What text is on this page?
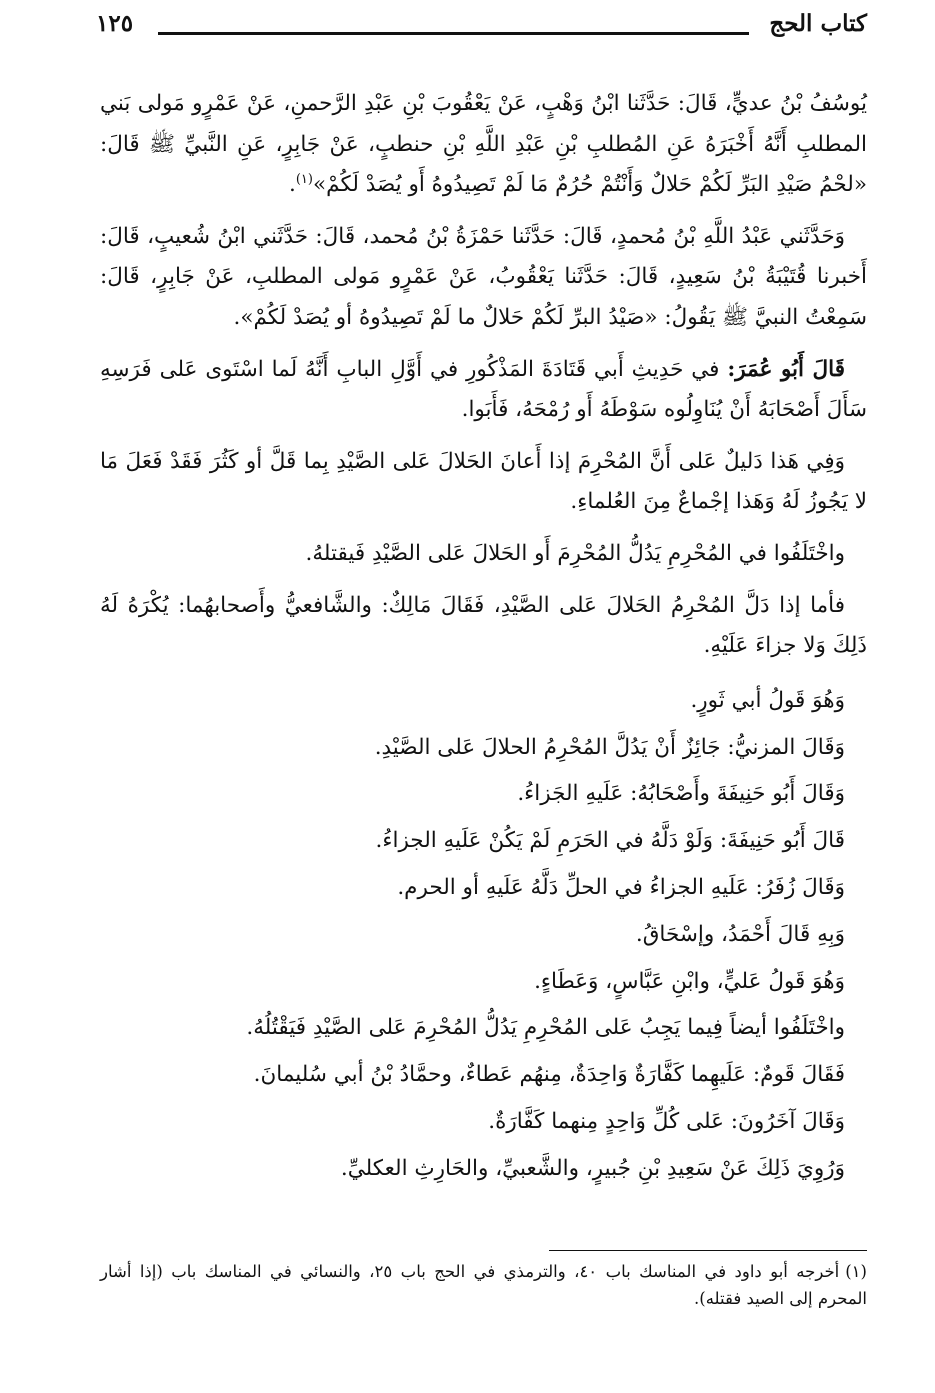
كتاب الحج
١٢٥

يُوسُفُ بْنُ عديٍّ، قَالَ: حَدَّثَنا ابْنُ وَهْبٍ، عَنْ يَعْقُوبَ بْنِ عَبْدِ الرَّحمنِ، عَنْ عَمْرٍو مَولى بَني المطلبِ أَنَّهُ أَخْبَرَهُ عَنِ المُطلبِ بْنِ عَبْدِ اللَّهِ بْنِ حنطبٍ، عَنْ جَابِرٍ، عَنِ النَّبيِّ ﷺ قَالَ: «لحْمُ صَيْدِ البَرِّ لَكُمْ حَلالٌ وَأَنْتُمْ حُرُمٌ مَا لَمْ تَصِيدُوهُ أَو يُصَدْ لَكُمْ»$^{(١)}$.

وَحَدَّثَني عَبْدُ اللَّهِ بْنُ مُحمدٍ، قَالَ: حَدَّثَنا حَمْزَةُ بْنُ مُحمد، قَالَ: حَدَّثَني ابْنُ شُعيبٍ، قَالَ: أَخبرنا قُتَيْبَةُ بْنُ سَعِيدٍ، قَالَ: حَدَّثَنا يَعْقُوبُ، عَنْ عَمْرٍو مَولى المطلبِ، عَنْ جَابِرٍ، قَالَ: سَمِعْتُ النبيَّ ﷺ يَقُولُ: «صَيْدُ البرِّ لَكُمْ حَلالٌ ما لَمْ تَصِيدُوهُ أو يُصَدْ لَكُمْ».

قَالَ أَبُو عُمَرَ: في حَدِيثِ أَبي قَتَادَةَ المَذْكُورِ في أَوَّلِ البابِ أَنَّهُ لَما اسْتَوى عَلى فَرَسِهِ سَأَلَ أَصْحَابَهُ أَنْ يُنَاوِلُوه سَوْطَهُ أَو رُمْحَهُ، فَأَبَوا.

وَفِي هَذا دَليلٌ عَلى أَنَّ المُحْرِمَ إذا أَعانَ الحَلالَ عَلى الصَّيْدِ بِما قَلَّ أو كَثُرَ فَقَدْ فَعَلَ مَا لا يَجُوزُ لَهُ وَهَذا إجْماعٌ مِنَ العُلماءِ.

واخْتَلَفُوا في المُحْرِمِ يَدُلُّ المُحْرِمَ أَو الحَلالَ عَلى الصَّيْدِ فَيقتلهُ.

فأما إذا دَلَّ المُحْرِمُ الحَلالَ عَلى الصَّيْدِ، فَقَالَ مَالِكٌ: والشَّافعيُّ وأَصحابهُما: يُكْرَهُ لَهُ ذَلِكَ وَلا جزاءَ عَلَيْهِ.

وَهُوَ قَولُ أبي ثَورٍ.

وَقَالَ المزنيُّ: جَائِزٌ أَنْ يَدُلَّ المُحْرِمُ الحلالَ عَلى الصَّيْدِ.

وَقَالَ أَبُو حَنِيفَةَ وأَصْحَابُهُ: عَلَيهِ الجَزاءُ.

قَالَ أَبُو حَنِيفَةَ: وَلَوْ دَلَّهُ في الحَرَمِ لَمْ يَكُنْ عَلَيهِ الجزاءُ.

وَقَالَ زُفَرُ: عَلَيهِ الجزاءُ في الحلِّ دَلَّهُ عَلَيهِ أو الحرم.

وَبِهِ قَالَ أَحْمَدُ، وإسْحَاقُ.

وَهُوَ قَولُ عَليٍّ، وابْنِ عَبَّاسٍ، وَعَطَاءٍ.

واخْتَلَفُوا أيضاً فِيما يَجِبُ عَلى المُحْرِمِ يَدُلُّ المُحْرِمَ عَلى الصَّيْدِ فَيَقْتُلُهُ.

فَقَالَ قَومٌ: عَلَيهِما كَفَّارَةٌ وَاحِدَةٌ، مِنهُم عَطاءٌ، وحمَّادُ بْنُ أبي سُليمانَ.

وَقَالَ آخَرُونَ: عَلى كُلِّ وَاحِدٍ مِنهما كَفَّارَةٌ.

وَرُوِيَ ذَلِكَ عَنْ سَعِيدِ بْنِ جُبيرٍ، والشَّعبيِّ، والحَارِثِ العكليِّ.

(١)أخرجه أبو داود في المناسك باب ٤٠، والترمذي في الحج باب ٢٥، والنسائي في المناسك باب (إذا أشار المحرم إلى الصيد فقتله).
